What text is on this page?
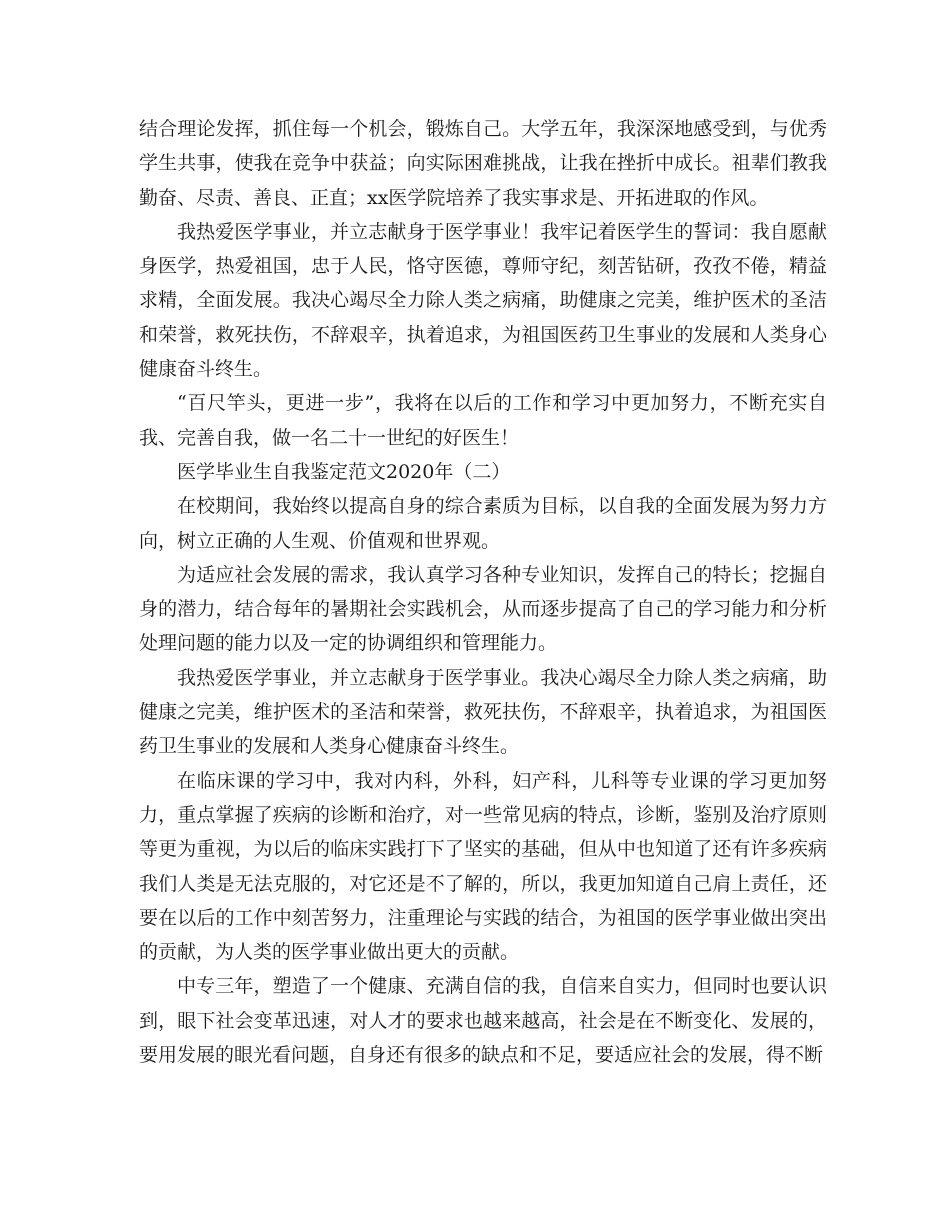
结合理论发挥，抓住每一个机会，锻炼自己。大学五年，我深深地感受到，与优秀学生共事，使我在竞争中获益；向实际困难挑战，让我在挫折中成长。祖辈们教我勤奋、尽责、善良、正直；xx医学院培养了我实事求是、开拓进取的作风。

我热爱医学事业，并立志献身于医学事业！我牢记着医学生的誓词：我自愿献身医学，热爱祖国，忠于人民，恪守医德，尊师守纪，刻苦钻研，孜孜不倦，精益求精，全面发展。我决心竭尽全力除人类之病痛，助健康之完美，维护医术的圣洁和荣誉，救死扶伤，不辞艰辛，执着追求，为祖国医药卫生事业的发展和人类身心健康奋斗终生。

“百尺竿头，更进一步”，我将在以后的工作和学习中更加努力，不断充实自我、完善自我，做一名二十一世纪的好医生！

医学毕业生自我鉴定范文2020年（二）

在校期间，我始终以提高自身的综合素质为目标，以自我的全面发展为努力方向，树立正确的人生观、价值观和世界观。

为适应社会发展的需求，我认真学习各种专业知识，发挥自己的特长；挖掘自身的潜力，结合每年的暑期社会实践机会，从而逐步提高了自己的学习能力和分析处理问题的能力以及一定的协调组织和管理能力。

我热爱医学事业，并立志献身于医学事业。我决心竭尽全力除人类之病痛，助健康之完美，维护医术的圣洁和荣誉，救死扶伤，不辞艰辛，执着追求，为祖国医药卫生事业的发展和人类身心健康奋斗终生。

在临床课的学习中，我对内科，外科，妇产科，儿科等专业课的学习更加努力，重点掌握了疾病的诊断和治疗，对一些常见病的特点，诊断，鉴别及治疗原则等更为重视，为以后的临床实践打下了坚实的基础，但从中也知道了还有许多疾病我们人类是无法克服的，对它还是不了解的，所以，我更加知道自己肩上责任，还要在以后的工作中刻苦努力，注重理论与实践的结合，为祖国的医学事业做出突出的贡献，为人类的医学事业做出更大的贡献。

中专三年，塑造了一个健康、充满自信的我，自信来自实力，但同时也要认识到，眼下社会变革迅速，对人才的要求也越来越高，社会是在不断变化、发展的，要用发展的眼光看问题，自身还有很多的缺点和不足，要适应社会的发展，得不断
